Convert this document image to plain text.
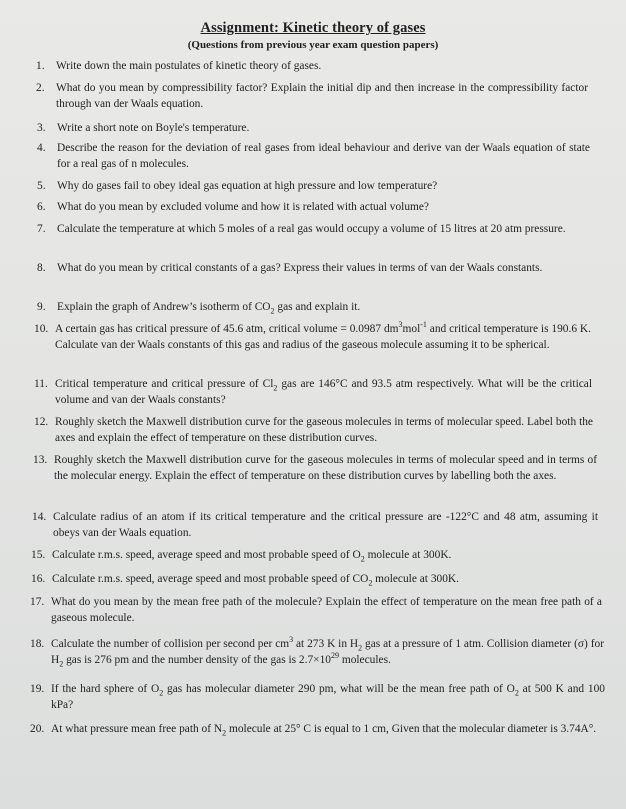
Assignment: Kinetic theory of gases
(Questions from previous year exam question papers)
1.	Write down the main postulates of kinetic theory of gases.
2.	What do you mean by compressibility factor? Explain the initial dip and then increase in the compressibility factor through van der Waals equation.
3.	Write a short note on Boyle's temperature.
4.	Describe the reason for the deviation of real gases from ideal behaviour and derive van der Waals equation of state for a real gas of n molecules.
5.	Why do gases fail to obey ideal gas equation at high pressure and low temperature?
6.	What do you mean by excluded volume and how it is related with actual volume?
7.	Calculate the temperature at which 5 moles of a real gas would occupy a volume of 15 litres at 20 atm pressure.
8.	What do you mean by critical constants of a gas? Express their values in terms of van der Waals constants.
9.	Explain the graph of Andrew’s isotherm of $CO_2$ gas and explain it.
10. A certain gas has critical pressure of 45.6 atm, critical volume = 0.0987 $dm^3mol^{-1}$ and critical temperature is 190.6 K. Calculate van der Waals constants of this gas and radius of the gaseous molecule assuming it to be spherical.
11. Critical temperature and critical pressure of $Cl_2$ gas are 146°C and 93.5 atm respectively. What will be the critical volume and van der Waals constants?
12. Roughly sketch the Maxwell distribution curve for the gaseous molecules in terms of molecular speed. Label both the axes and explain the effect of temperature on these distribution curves.
13. Roughly sketch the Maxwell distribution curve for the gaseous molecules in terms of molecular speed and in terms of the molecular energy. Explain the effect of temperature on these distribution curves by labelling both the axes.
14. Calculate radius of an atom if its critical temperature and the critical pressure are -122°C and 48 atm, assuming it obeys van der Waals equation.
15. Calculate r.m.s. speed, average speed and most probable speed of $O_2$ molecule at 300K.
16. Calculate r.m.s. speed, average speed and most probable speed of $CO_2$ molecule at 300K.
17. What do you mean by the mean free path of the molecule? Explain the effect of temperature on the mean free path of a gaseous molecule.
18. Calculate the number of collision per second per $cm^3$ at 273 K in $H_2$ gas at a pressure of 1 atm. Collision diameter (σ) for $H_2$ gas is 276 pm and the number density of the gas is $2.7\times 10^{29}$ molecules.
19. If the hard sphere of $O_2$ gas has molecular diameter 290 pm, what will be the mean free path of $O_2$ at 500 K and 100 kPa?
20. At what pressure mean free path of $N_2$ molecule at 25° C is equal to 1 cm, Given that the molecular diameter is 3.74A°.
